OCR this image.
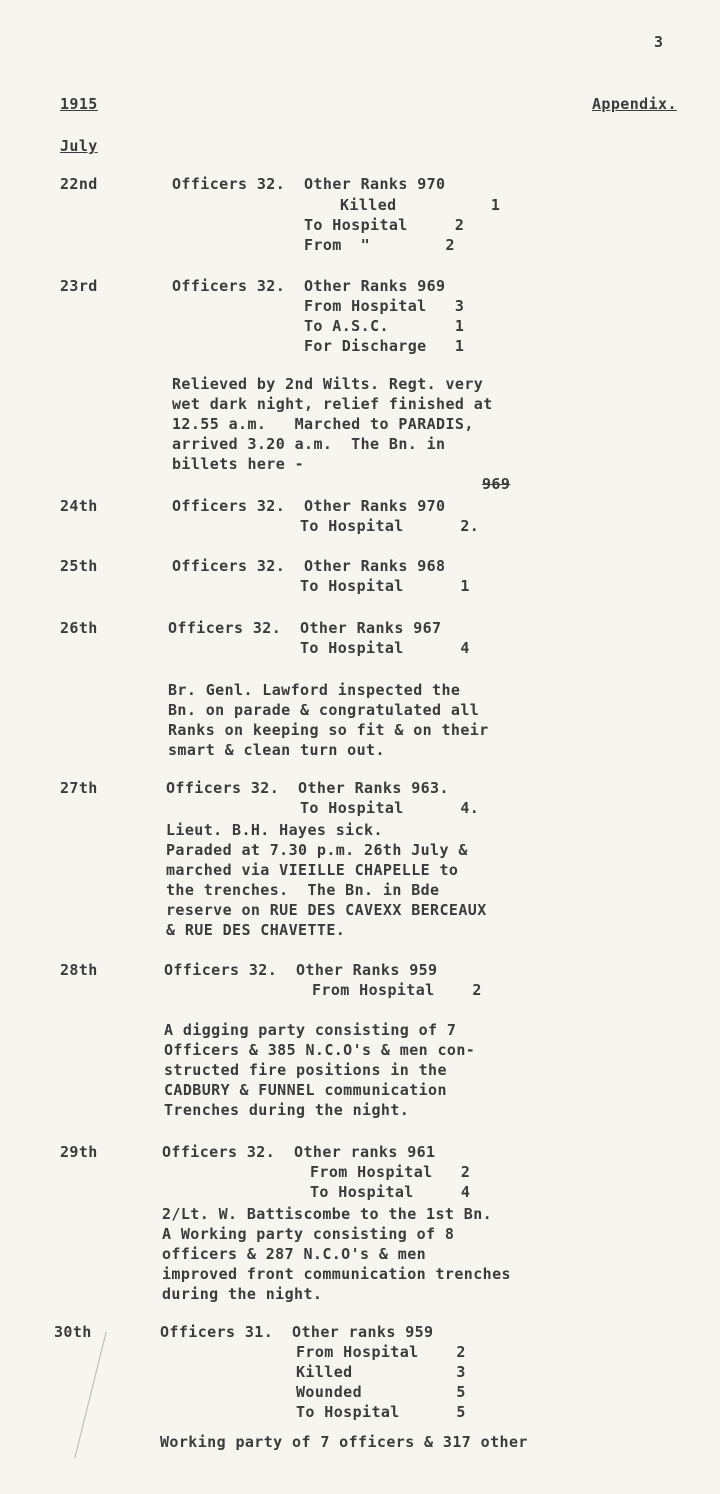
3
1915	Appendix.
July
22nd	Officers 32.  Other Ranks 970
Killed          1
To Hospital     2
From  "        2
23rd	Officers 32.  Other Ranks 969
From Hospital   3
To A.S.C.       1
For Discharge   1
Relieved by 2nd Wilts. Regt. very
wet dark night, relief finished at
12.55 a.m.   Marched to PARADIS,
arrived 3.20 a.m.  The Bn. in
billets here -
969
24th	Officers 32.  Other Ranks 970
To Hospital      2.
25th	Officers 32.  Other Ranks 968
To Hospital      1
26th	Officers 32.  Other Ranks 967
To Hospital      4
Br. Genl. Lawford inspected the
Bn. on parade & congratulated all
Ranks on keeping so fit & on their
smart & clean turn out.
27th	Officers 32.  Other Ranks 963.
To Hospital      4.
Lieut. B.H. Hayes sick.
Paraded at 7.30 p.m. 26th July &
marched via VIEILLE CHAPELLE to
the trenches.  The Bn. in Bde
reserve on RUE DES CAVEXX BERCEAUX
& RUE DES CHAVETTE.
28th	Officers 32.  Other Ranks 959
From Hospital    2
A digging party consisting of 7
Officers & 385 N.C.O's & men con-
structed fire positions in the
CADBURY & FUNNEL communication
Trenches during the night.
29th	Officers 32.  Other ranks 961
From Hospital   2
To Hospital     4
2/Lt. W. Battiscombe to the 1st Bn.
A Working party consisting of 8
officers & 287 N.C.O's & men
improved front communication trenches
during the night.
30th	Officers 31.  Other ranks 959
From Hospital    2
Killed           3
Wounded          5
To Hospital      5
Working party of 7 officers & 317 other
